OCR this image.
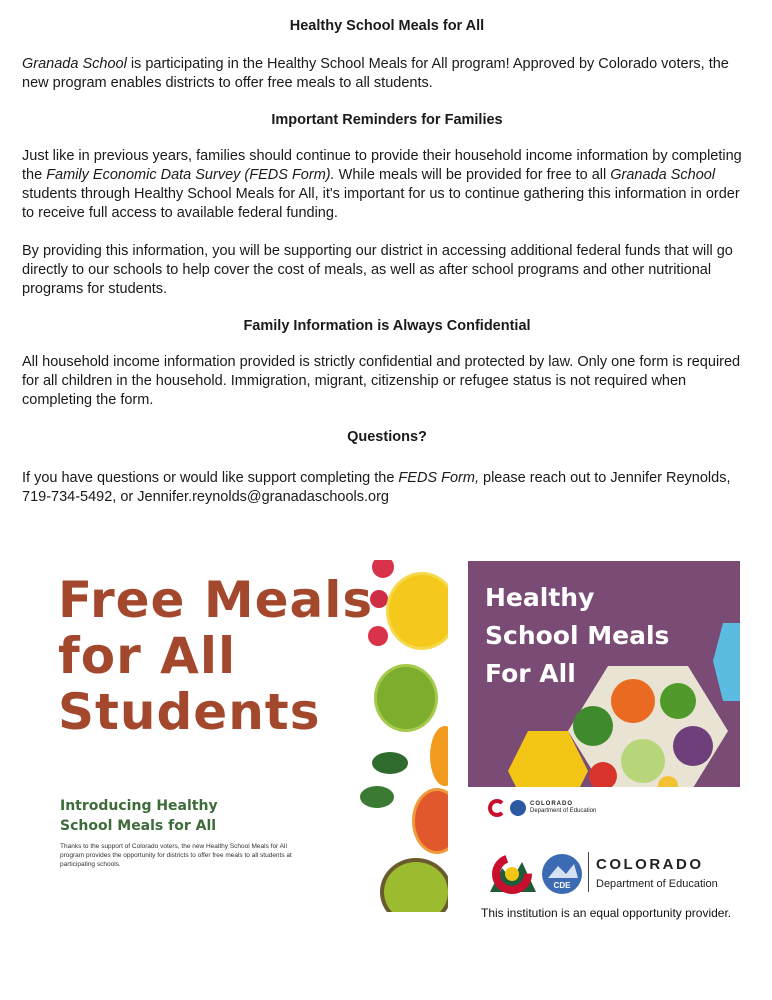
Healthy School Meals for All

Granada School is participating in the Healthy School Meals for All program! Approved by Colorado voters, the new program enables districts to offer free meals to all students.

Important Reminders for Families

Just like in previous years, families should continue to provide their household income information by completing the Family Economic Data Survey (FEDS Form). While meals will be provided for free to all Granada School students through Healthy School Meals for All, it's important for us to continue gathering this information in order to receive full access to available federal funding.

By providing this information, you will be supporting our district in accessing additional federal funds that will go directly to our schools to help cover the cost of meals, as well as after school programs and other nutritional programs for students.

Family Information is Always Confidential

All household income information provided is strictly confidential and protected by law. Only one form is required for all children in the household. Immigration, migrant, citizenship or refugee status is not required when completing the form.

Questions?

If you have questions or would like support completing the FEDS Form, please reach out to Jennifer Reynolds, 719-734-5492, or Jennifer.reynolds@granadaschools.org

Free Meals
for All
Students
Introducing Healthy
School Meals for All
Thanks to the support of Colorado voters, the new Healthy School Meals for All program provides the opportunity for districts to offer free meals to all students at participating schools.
Healthy
School Meals
For All
COLORADO
Department of Education
CDE
COLORADO
Department of Education
This institution is an equal opportunity provider.
